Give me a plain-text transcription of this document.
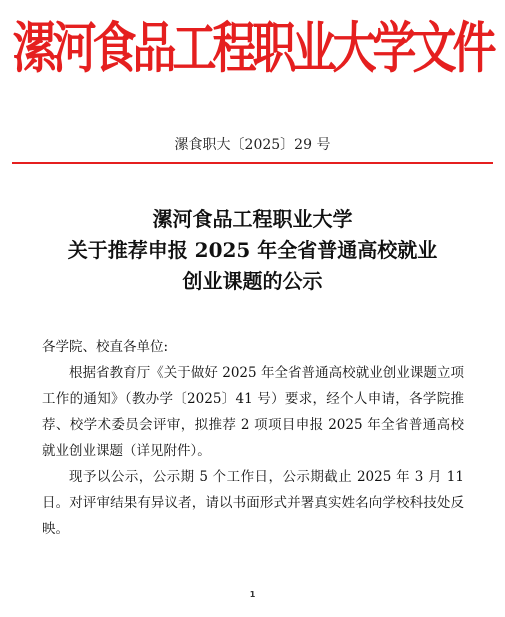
漯河食品工程职业大学文件
漯食职大〔2025〕29 号
漯河食品工程职业大学
关于推荐申报 2025 年全省普通高校就业
创业课题的公示

各学院、校直各单位:

根据省教育厅《关于做好 2025 年全省普通高校就业创业课题立项工作的通知》（教办学〔2025〕41 号）要求，经个人申请，各学院推荐、校学术委员会评审，拟推荐 2 项项目申报 2025 年全省普通高校就业创业课题（详见附件）。

现予以公示，公示期 5 个工作日，公示期截止 2025 年 3 月 11 日。对评审结果有异议者，请以书面形式并署真实姓名向学校科技处反映。

1
